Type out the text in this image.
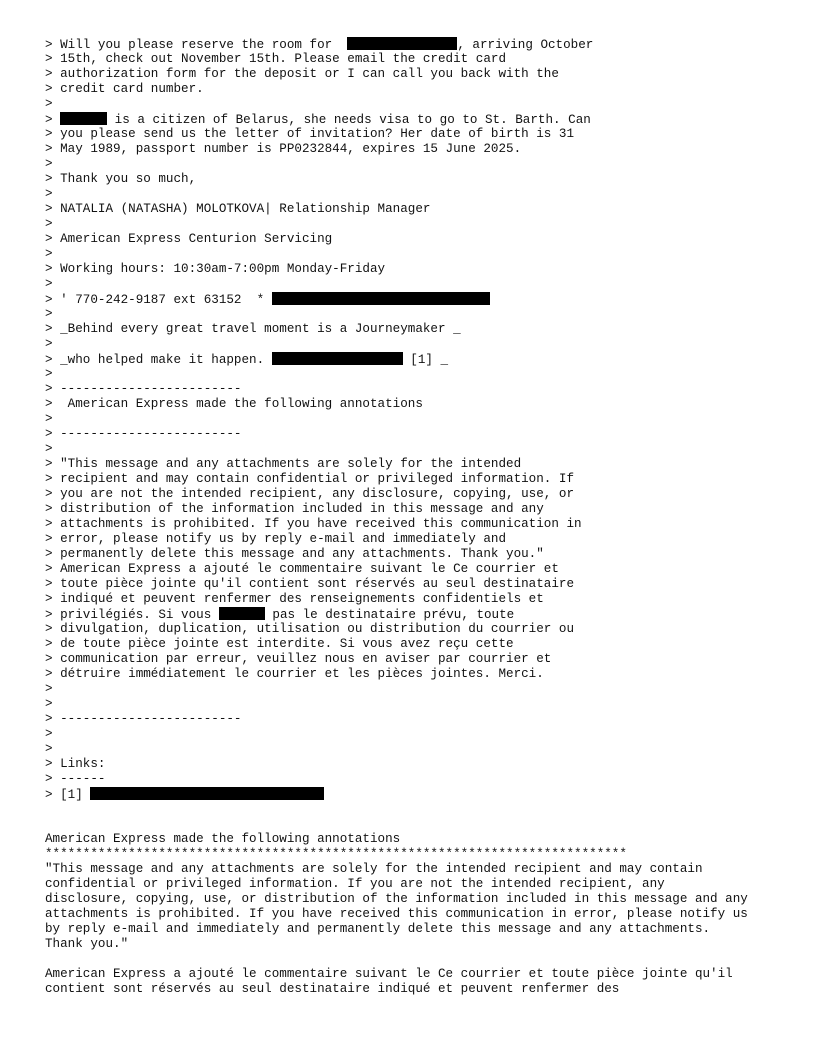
> Will you please reserve the room for	, arriving October
> 15th, check out November 15th. Please email the credit card
> authorization form for the deposit or I can call you back with the
> credit card number.
>
>	is a citizen of Belarus, she needs visa to go to St. Barth. Can
> you please send us the letter of invitation? Her date of birth is 31
> May 1989, passport number is PP0232844, expires 15 June 2025.
>
> Thank you so much,
>
> NATALIA (NATASHA) MOLOTKOVA| Relationship Manager
>
> American Express Centurion Servicing
>
> Working hours: 10:30am-7:00pm Monday-Friday
>
> ' 770-242-9187 ext 63152  *
>
> _Behind every great travel moment is a Journeymaker _
>
> _who helped make it happen.	[1] _
>
> ------------------------
>  American Express made the following annotations
>
> ------------------------
>
> "This message and any attachments are solely for the intended
> recipient and may contain confidential or privileged information. If
> you are not the intended recipient, any disclosure, copying, use, or
> distribution of the information included in this message and any
> attachments is prohibited. If you have received this communication in
> error, please notify us by reply e-mail and immediately and
> permanently delete this message and any attachments. Thank you."
> American Express a ajouté le commentaire suivant le Ce courrier et
> toute pièce jointe qu'il contient sont réservés au seul destinataire
> indiqué et peuvent renfermer des renseignements confidentiels et
> privilégiés. Si vous	pas le destinataire prévu, toute
> divulgation, duplication, utilisation ou distribution du courrier ou
> de toute pièce jointe est interdite. Si vous avez reçu cette
> communication par erreur, veuillez nous en aviser par courrier et
> détruire immédiatement le courrier et les pièces jointes. Merci.
>
>
> ------------------------
>
>
> Links:
> ------
> [1]
American Express made the following annotations
*****************************************************************************
"This message and any attachments are solely for the intended recipient and may contain
confidential or privileged information. If you are not the intended recipient, any
disclosure, copying, use, or distribution of the information included in this message and any
attachments is prohibited. If you have received this communication in error, please notify us
by reply e-mail and immediately and permanently delete this message and any attachments.
Thank you."
American Express a ajouté le commentaire suivant le Ce courrier et toute pièce jointe qu'il
contient sont réservés au seul destinataire indiqué et peuvent renfermer des
